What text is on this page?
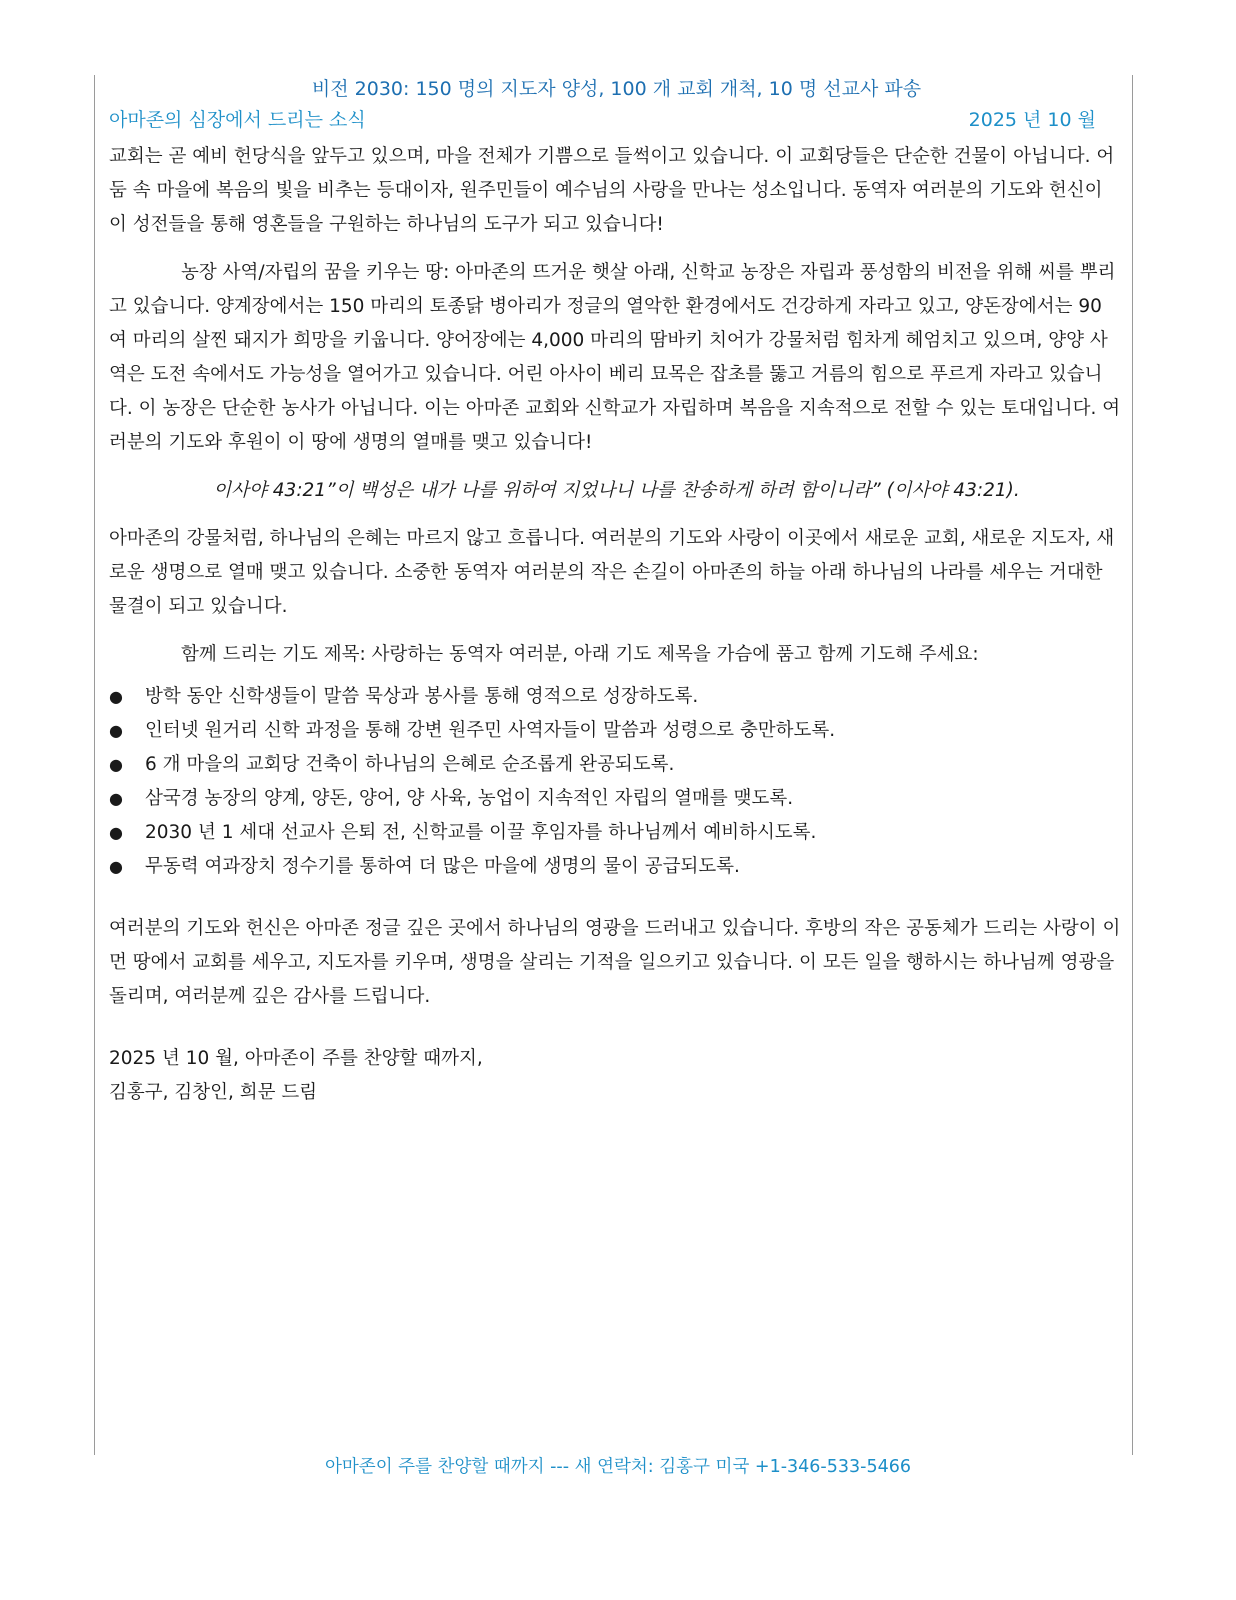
비전 2030: 150 명의 지도자 양성, 100 개 교회 개척, 10 명 선교사 파송

아마존의 심장에서 드리는 소식	2025 년 10 월

교회는 곧 예비 헌당식을 앞두고 있으며, 마을 전체가 기쁨으로 들썩이고 있습니다. 이 교회당들은 단순한 건물이 아닙니다. 어둠 속 마을에 복음의 빛을 비추는 등대이자, 원주민들이 예수님의 사랑을 만나는 성소입니다. 동역자 여러분의 기도와 헌신이 이 성전들을 통해 영혼들을 구원하는 하나님의 도구가 되고 있습니다!

농장 사역/자립의 꿈을 키우는 땅: 아마존의 뜨거운 햇살 아래, 신학교 농장은 자립과 풍성함의 비전을 위해 씨를 뿌리고 있습니다. 양계장에서는 150 마리의 토종닭 병아리가 정글의 열악한 환경에서도 건강하게 자라고 있고, 양돈장에서는 90 여 마리의 살찐 돼지가 희망을 키웁니다. 양어장에는 4,000 마리의 땀바키 치어가 강물처럼 힘차게 헤엄치고 있으며, 양양 사역은 도전 속에서도 가능성을 열어가고 있습니다. 어린 아사이 베리 묘목은 잡초를 뚫고 거름의 힘으로 푸르게 자라고 있습니다. 이 농장은 단순한 농사가 아닙니다. 이는 아마존 교회와 신학교가 자립하며 복음을 지속적으로 전할 수 있는 토대입니다. 여러분의 기도와 후원이 이 땅에 생명의 열매를 맺고 있습니다!

이사야 43:21”이 백성은 내가 나를 위하여 지었나니 나를 찬송하게 하려 함이니라” (이사야 43:21).

아마존의 강물처럼, 하나님의 은혜는 마르지 않고 흐릅니다. 여러분의 기도와 사랑이 이곳에서 새로운 교회, 새로운 지도자, 새로운 생명으로 열매 맺고 있습니다. 소중한 동역자 여러분의 작은 손길이 아마존의 하늘 아래 하나님의 나라를 세우는 거대한 물결이 되고 있습니다.

함께 드리는 기도 제목: 사랑하는 동역자 여러분, 아래 기도 제목을 가슴에 품고 함께 기도해 주세요:

● 방학 동안 신학생들이 말씀 묵상과 봉사를 통해 영적으로 성장하도록.
● 인터넷 원거리 신학 과정을 통해 강변 원주민 사역자들이 말씀과 성령으로 충만하도록.
● 6 개 마을의 교회당 건축이 하나님의 은혜로 순조롭게 완공되도록.
● 삼국경 농장의 양계, 양돈, 양어, 양 사육, 농업이 지속적인 자립의 열매를 맺도록.
● 2030 년 1 세대 선교사 은퇴 전, 신학교를 이끌 후임자를 하나님께서 예비하시도록.
● 무동력 여과장치 정수기를 통하여 더 많은 마을에 생명의 물이 공급되도록.

여러분의 기도와 헌신은 아마존 정글 깊은 곳에서 하나님의 영광을 드러내고 있습니다. 후방의 작은 공동체가 드리는 사랑이 이 먼 땅에서 교회를 세우고, 지도자를 키우며, 생명을 살리는 기적을 일으키고 있습니다. 이 모든 일을 행하시는 하나님께 영광을 돌리며, 여러분께 깊은 감사를 드립니다.

2025 년 10 월, 아마존이 주를 찬양할 때까지,

김홍구, 김창인, 희문 드림

아마존이 주를 찬양할 때까지 --- 새 연락처: 김홍구 미국 +1-346-533-5466
